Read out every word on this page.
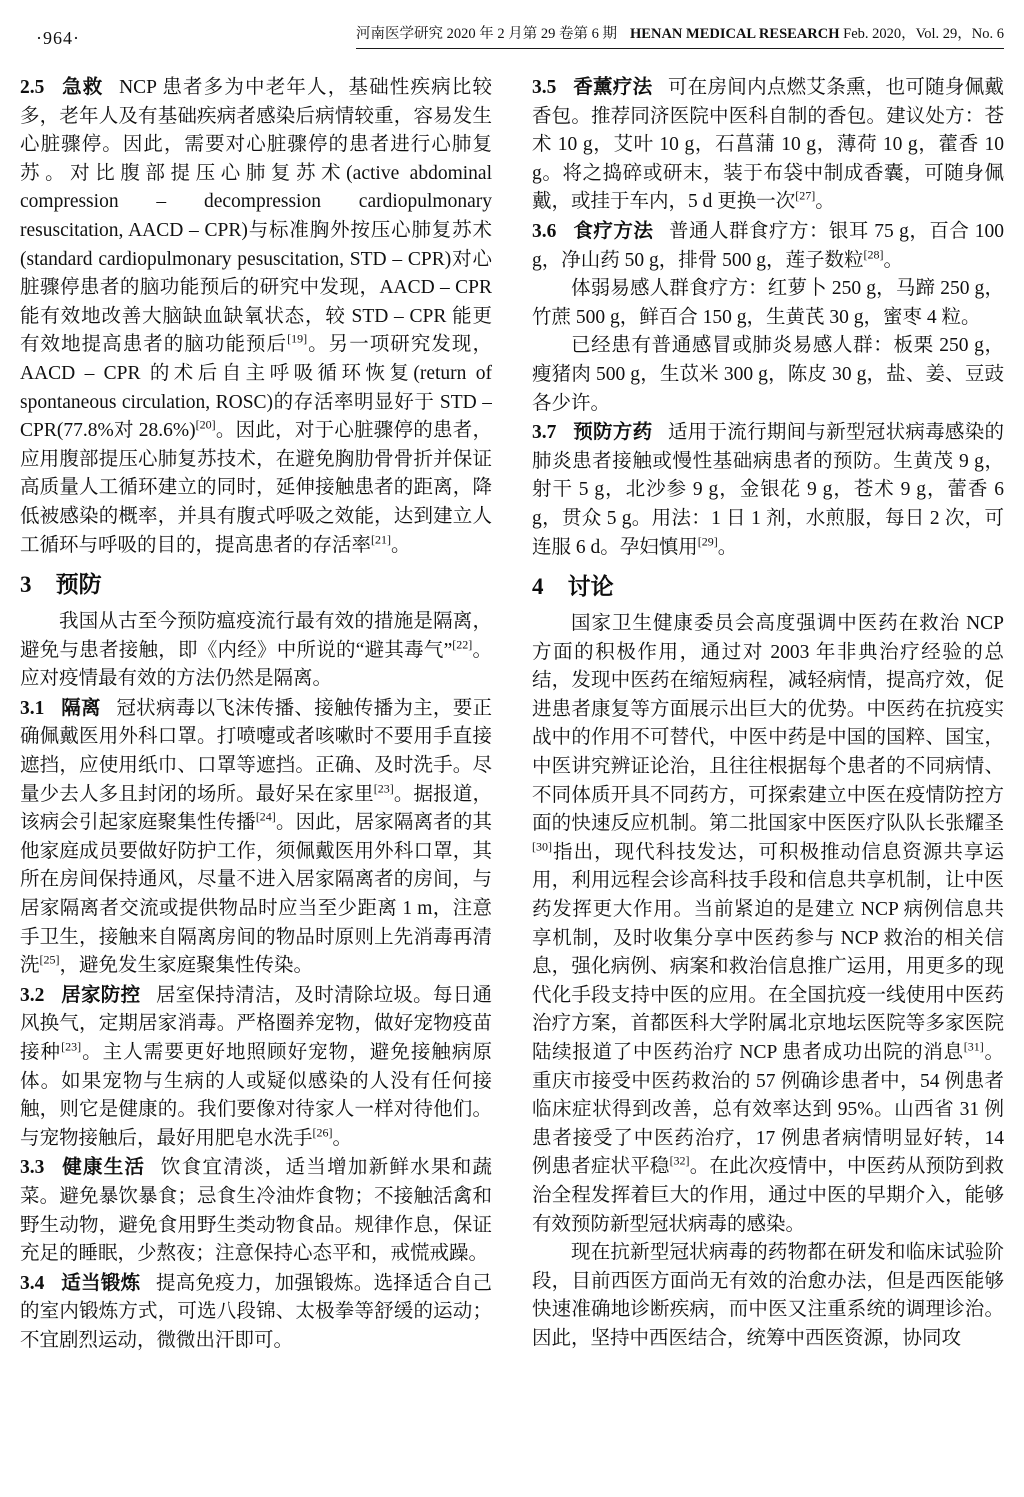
·964·	河南医学研究 2020 年 2 月第 29 卷第 6 期 HENAN MEDICAL RESEARCH Feb. 2020，Vol. 29，No. 6

2.5 急救 NCP 患者多为中老年人，基础性疾病比较多，老年人及有基础疾病者感染后病情较重，容易发生心脏骤停。因此，需要对心脏骤停的患者进行心肺复苏。对比腹部提压心肺复苏术(active abdominal compression – decompression cardiopulmonary resuscitation, AACD – CPR)与标准胸外按压心肺复苏术(standard cardiopulmonary pesuscitation, STD – CPR)对心脏骤停患者的脑功能预后的研究中发现，AACD – CPR 能有效地改善大脑缺血缺氧状态，较 STD – CPR 能更有效地提高患者的脑功能预后[19]。另一项研究发现，AACD – CPR 的术后自主呼吸循环恢复(return of spontaneous circulation, ROSC)的存活率明显好于 STD – CPR(77.8%对 28.6%)[20]。因此，对于心脏骤停的患者，应用腹部提压心肺复苏技术，在避免胸肋骨骨折并保证高质量人工循环建立的同时，延伸接触患者的距离，降低被感染的概率，并具有腹式呼吸之效能，达到建立人工循环与呼吸的目的，提高患者的存活率[21]。

3 预防

我国从古至今预防瘟疫流行最有效的措施是隔离，避免与患者接触，即《内经》中所说的“避其毒气”[22]。应对疫情最有效的方法仍然是隔离。

3.1 隔离 冠状病毒以飞沫传播、接触传播为主，要正确佩戴医用外科口罩。打喷嚏或者咳嗽时不要用手直接遮挡，应使用纸巾、口罩等遮挡。正确、及时洗手。尽量少去人多且封闭的场所。最好呆在家里[23]。据报道，该病会引起家庭聚集性传播[24]。因此，居家隔离者的其他家庭成员要做好防护工作，须佩戴医用外科口罩，其所在房间保持通风，尽量不进入居家隔离者的房间，与居家隔离者交流或提供物品时应当至少距离 1 m，注意手卫生，接触来自隔离房间的物品时原则上先消毒再清洗[25]，避免发生家庭聚集性传染。

3.2 居家防控 居室保持清洁，及时清除垃圾。每日通风换气，定期居家消毒。严格圈养宠物，做好宠物疫苗接种[23]。主人需要更好地照顾好宠物，避免接触病原体。如果宠物与生病的人或疑似感染的人没有任何接触，则它是健康的。我们要像对待家人一样对待他们。与宠物接触后，最好用肥皂水洗手[26]。

3.3 健康生活 饮食宜清淡，适当增加新鲜水果和蔬菜。避免暴饮暴食；忌食生冷油炸食物；不接触活禽和野生动物，避免食用野生类动物食品。规律作息，保证充足的睡眠，少熬夜；注意保持心态平和，戒慌戒躁。

3.4 适当锻炼 提高免疫力，加强锻炼。选择适合自己的室内锻炼方式，可选八段锦、太极拳等舒缓的运动；不宜剧烈运动，微微出汗即可。

3.5 香薰疗法 可在房间内点燃艾条熏，也可随身佩戴香包。推荐同济医院中医科自制的香包。建议处方：苍术 10 g，艾叶 10 g，石菖蒲 10 g，薄荷 10 g，藿香 10 g。将之捣碎或研末，装于布袋中制成香囊，可随身佩戴，或挂于车内，5 d 更换一次[27]。

3.6 食疗方法 普通人群食疗方：银耳 75 g，百合 100 g，净山药 50 g，排骨 500 g，莲子数粒[28]。

体弱易感人群食疗方：红萝卜 250 g，马蹄 250 g，竹蔗 500 g，鲜百合 150 g，生黄芪 30 g，蜜枣 4 粒。

已经患有普通感冒或肺炎易感人群：板栗 250 g，瘦猪肉 500 g，生苡米 300 g，陈皮 30 g，盐、姜、豆豉各少许。

3.7 预防方药 适用于流行期间与新型冠状病毒感染的肺炎患者接触或慢性基础病患者的预防。生黄茂 9 g，射干 5 g，北沙参 9 g，金银花 9 g，苍术 9 g，蕾香 6 g，贯众 5 g。用法：1 日 1 剂，水煎服，每日 2 次，可连服 6 d。孕妇慎用[29]。

4 讨论

国家卫生健康委员会高度强调中医药在救治 NCP 方面的积极作用，通过对 2003 年非典治疗经验的总结，发现中医药在缩短病程，减轻病情，提高疗效，促进患者康复等方面展示出巨大的优势。中医药在抗疫实战中的作用不可替代，中医中药是中国的国粹、国宝，中医讲究辨证论治，且往往根据每个患者的不同病情、不同体质开具不同药方，可探索建立中医在疫情防控方面的快速反应机制。第二批国家中医医疗队队长张耀圣[30]指出，现代科技发达，可积极推动信息资源共享运用，利用远程会诊高科技手段和信息共享机制，让中医药发挥更大作用。当前紧迫的是建立 NCP 病例信息共享机制，及时收集分享中医药参与 NCP 救治的相关信息，强化病例、病案和救治信息推广运用，用更多的现代化手段支持中医的应用。在全国抗疫一线使用中医药治疗方案，首都医科大学附属北京地坛医院等多家医院陆续报道了中医药治疗 NCP 患者成功出院的消息[31]。重庆市接受中医药救治的 57 例确诊患者中，54 例患者临床症状得到改善，总有效率达到 95%。山西省 31 例患者接受了中医药治疗，17 例患者病情明显好转，14 例患者症状平稳[32]。在此次疫情中，中医药从预防到救治全程发挥着巨大的作用，通过中医的早期介入，能够有效预防新型冠状病毒的感染。

现在抗新型冠状病毒的药物都在研发和临床试验阶段，目前西医方面尚无有效的治愈办法，但是西医能够快速准确地诊断疾病，而中医又注重系统的调理诊治。因此，坚持中西医结合，统筹中西医资源，协同攻
